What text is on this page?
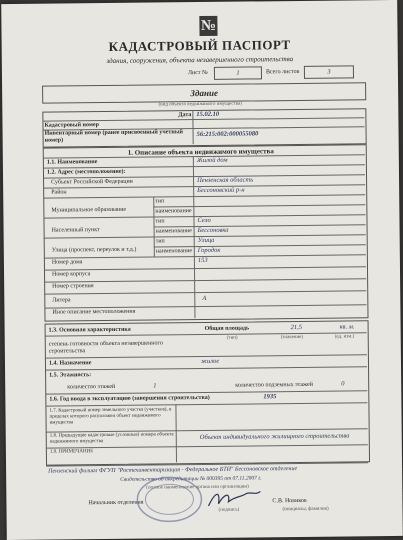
№
КАДАСТРОВЫЙ ПАСПОРТ
здания, сооружения, объекта незавершенного строительства
Лист №	1	Всего листов	3
Здание
(вид объекта недвижимого имущества)
Дата 15.02.10
Кадастровый номер
Инвентарный номер (ранее присвоенный учетный номер)
56:215:002:000055080
1. Описание объекта недвижимого имущества
1.1. Наименование	Жилой дом
1.2. Адрес (местоположение):
Субъект Российской Федерации	Пензенская область
Район	Бессоновский р-н
Муниципальное образование
тип
наименование
Населенный пункт
тип	Село
наименование Бессоновка
Улица (проспект, переулок и т.д.)
тип	Улица
наименование Городок
Номер дома	153
Номер корпуса
Номер строения
Литера	А
Иное описание местоположения
1.3. Основная характеристика	Общая площадь	21,5	кв. м.
(тип)	(значение)	(ед. изм.)
степень готовности объекта незавершенного строительства
1.4. Назначение	жилое
1.5. Этажность:
количество этажей	1	количество подземных этажей	0
1.6. Год ввода в эксплуатацию (завершения строительства)	1935
1.7. Кадастровый номер земельного участка (участков), в пределах которого расположен объект недвижимого имущества
1.8. Предыдущие кадастровые (условные) номера объекта недвижимого имущества
1.9. ПРИМЕЧАНИЕ
Объект индивидуального жилищного строительства
Пензенский филиал ФГУП "Ростехинвентаризация - Федеральное БТИ" Бессоновское отделение
Свидетельство об аккредитации № 000395 от 07.11.2007 г.
(полное наименование органа или организации)
Начальник отделения	С.В. Новиков
(подпись)	(инициалы, фамилия)
